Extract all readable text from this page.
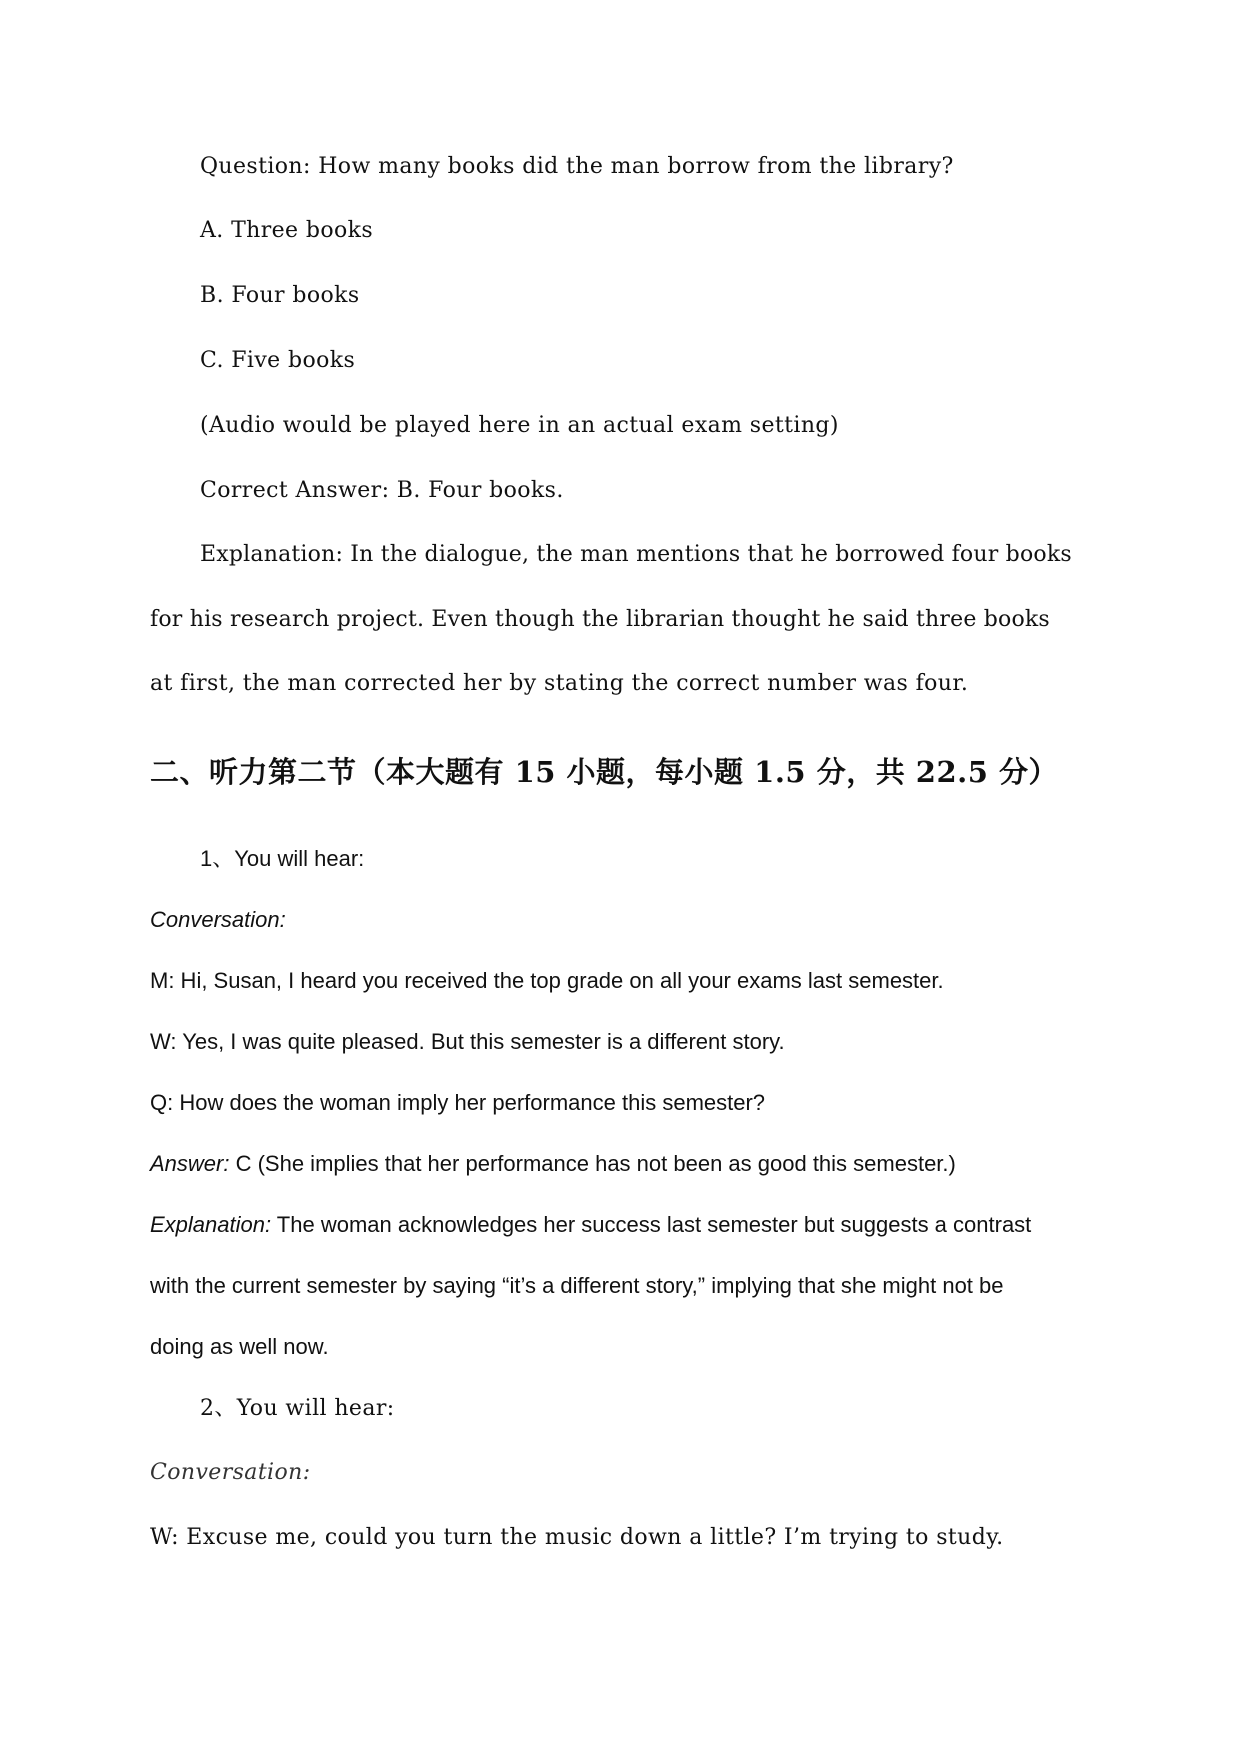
Question: How many books did the man borrow from the library?
A. Three books
B. Four books
C. Five books
(Audio would be played here in an actual exam setting)
Correct Answer: B. Four books.
Explanation: In the dialogue, the man mentions that he borrowed four books
for his research project. Even though the librarian thought he said three books
at first, the man corrected her by stating the correct number was four.
二、听力第二节（本大题有 15 小题，每小题 1.5 分，共 22.5 分）
1、You will hear:
Conversation:
M: Hi, Susan, I heard you received the top grade on all your exams last semester.
W: Yes, I was quite pleased. But this semester is a different story.
Q: How does the woman imply her performance this semester?
Answer: C (She implies that her performance has not been as good this semester.)
Explanation: The woman acknowledges her success last semester but suggests a contrast
with the current semester by saying “it’s a different story,” implying that she might not be
doing as well now.
2、You will hear:
Conversation:
W: Excuse me, could you turn the music down a little? I’m trying to study.
